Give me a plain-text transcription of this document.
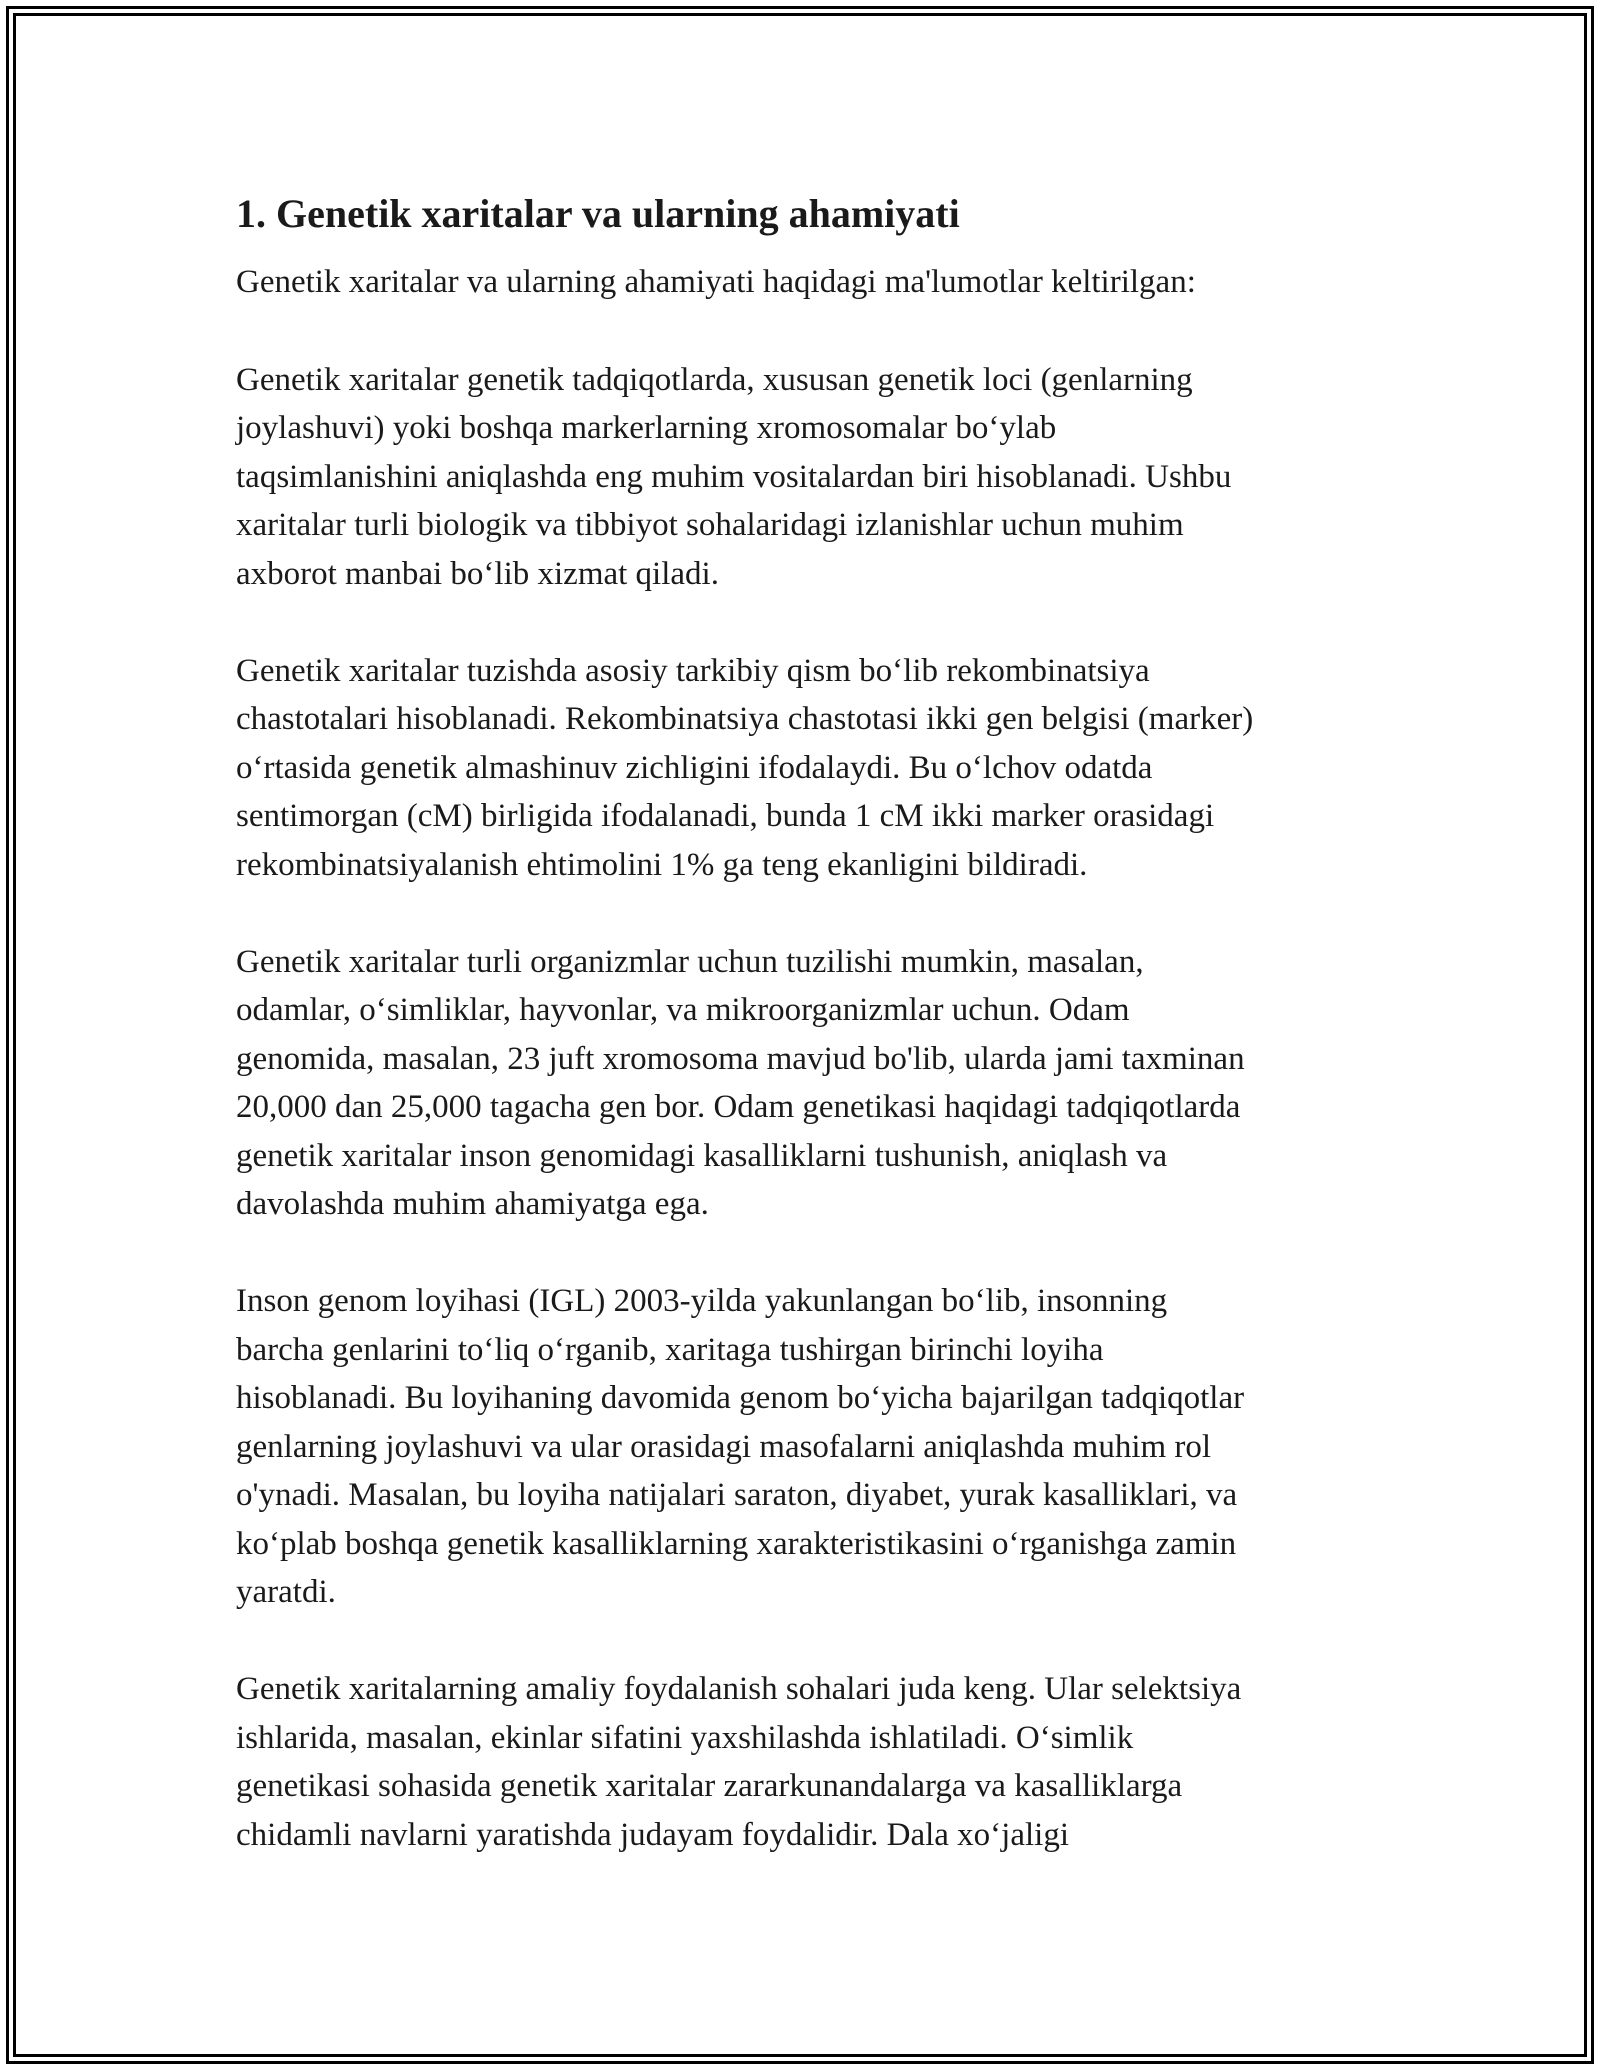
1. Genetik xaritalar va ularning ahamiyati

Genetik xaritalar va ularning ahamiyati haqidagi ma'lumotlar keltirilgan:

Genetik xaritalar genetik tadqiqotlarda, xususan genetik loci (genlarning
joylashuvi) yoki boshqa markerlarning xromosomalar bo‘ylab
taqsimlanishini aniqlashda eng muhim vositalardan biri hisoblanadi. Ushbu
xaritalar turli biologik va tibbiyot sohalaridagi izlanishlar uchun muhim
axborot manbai bo‘lib xizmat qiladi.

Genetik xaritalar tuzishda asosiy tarkibiy qism bo‘lib rekombinatsiya
chastotalari hisoblanadi. Rekombinatsiya chastotasi ikki gen belgisi (marker)
o‘rtasida genetik almashinuv zichligini ifodalaydi. Bu o‘lchov odatda
sentimorgan (cM) birligida ifodalanadi, bunda 1 cM ikki marker orasidagi
rekombinatsiyalanish ehtimolini 1% ga teng ekanligini bildiradi.

Genetik xaritalar turli organizmlar uchun tuzilishi mumkin, masalan,
odamlar, o‘simliklar, hayvonlar, va mikroorganizmlar uchun. Odam
genomida, masalan, 23 juft xromosoma mavjud bo'lib, ularda jami taxminan
20,000 dan 25,000 tagacha gen bor. Odam genetikasi haqidagi tadqiqotlarda
genetik xaritalar inson genomidagi kasalliklarni tushunish, aniqlash va
davolashda muhim ahamiyatga ega.

Inson genom loyihasi (IGL) 2003-yilda yakunlangan bo‘lib, insonning
barcha genlarini to‘liq o‘rganib, xaritaga tushirgan birinchi loyiha
hisoblanadi. Bu loyihaning davomida genom bo‘yicha bajarilgan tadqiqotlar
genlarning joylashuvi va ular orasidagi masofalarni aniqlashda muhim rol
o'ynadi. Masalan, bu loyiha natijalari saraton, diyabet, yurak kasalliklari, va
ko‘plab boshqa genetik kasalliklarning xarakteristikasini o‘rganishga zamin
yaratdi.

Genetik xaritalarning amaliy foydalanish sohalari juda keng. Ular selektsiya
ishlarida, masalan, ekinlar sifatini yaxshilashda ishlatiladi. O‘simlik
genetikasi sohasida genetik xaritalar zararkunandalarga va kasalliklarga
chidamli navlarni yaratishda judayam foydalidir. Dala xo‘jaligi
